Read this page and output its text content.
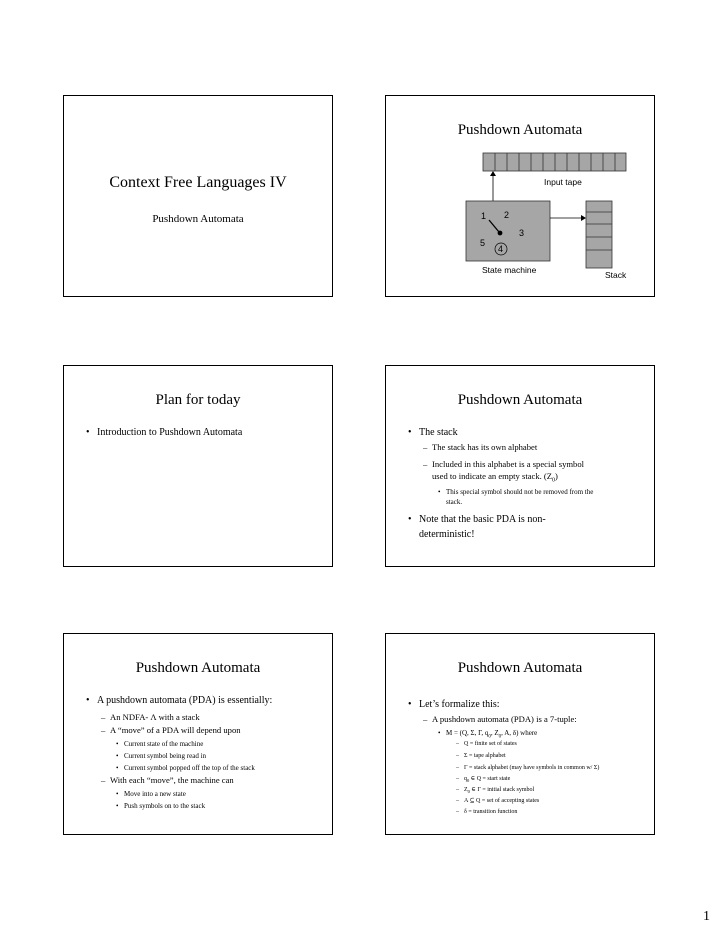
Context Free Languages IV
Pushdown Automata
Pushdown Automata
Input tape
1 2
3
5
4
State machine	Stack
Plan for today
• Introduction to Pushdown Automata
Pushdown Automata
• The stack
– The stack has its own alphabet
– Included in this alphabet is a special symbol
used to indicate an empty stack. $(Z_0)$
• This special symbol should not be removed from the
stack.
• Note that the basic PDA is non-
deterministic!
Pushdown Automata
• A pushdown automata (PDA) is essentially:
– An NDFA- Λ with a stack
– A “move” of a PDA will depend upon
• Current state of the machine
• Current symbol being read in
• Current symbol popped off the top of the stack
– With each “move”, the machine can
• Move into a new state
• Push symbols on to the stack
Pushdown Automata
• Let’s formalize this:
– A pushdown automata (PDA) is a 7-tuple:
• M = (Q, Σ, Γ, $q_0$, $Z_0$, A, δ) where
– Q = finite set of states
– Σ = tape alphabet
– Γ = stack alphabet (may have symbols in common w/ Σ)
– $q_0$ ∈ Q = start state
– $Z_0$ ∈ Γ = initial stack symbol
– A ⊆ Q = set of accepting states
– δ = transition function
1
